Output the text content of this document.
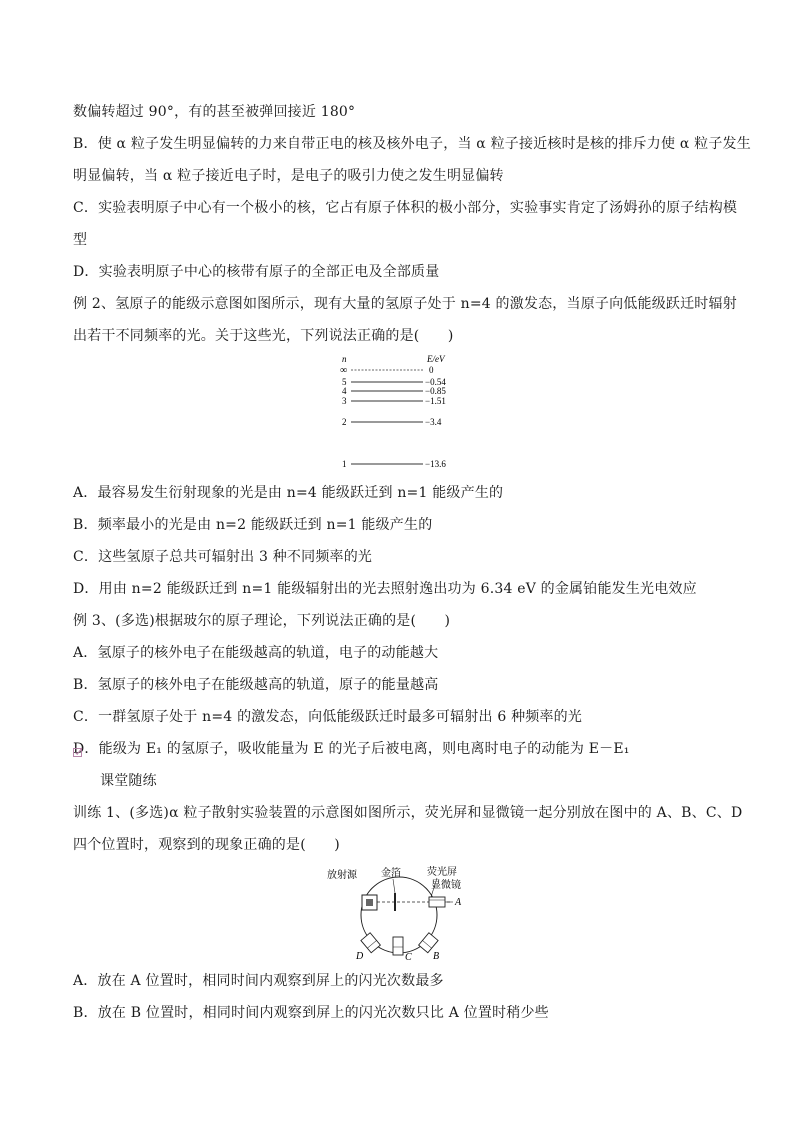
数偏转超过 90°，有的甚至被弹回接近 180°
B．使 α 粒子发生明显偏转的力来自带正电的核及核外电子，当 α 粒子接近核时是核的排斥力使 α 粒子发生
明显偏转，当 α 粒子接近电子时，是电子的吸引力使之发生明显偏转
C．实验表明原子中心有一个极小的核，它占有原子体积的极小部分，实验事实肯定了汤姆孙的原子结构模
型
D．实验表明原子中心的核带有原子的全部正电及全部质量
例 2、氢原子的能级示意图如图所示，现有大量的氢原子处于 n=4 的激发态，当原子向低能级跃迁时辐射
出若干不同频率的光。关于这些光，下列说法正确的是(　　)
n	E/eV
∞	0
5	−0.54
4	−0.85
3	−1.51
2	−3.4
1	−13.6
A．最容易发生衍射现象的光是由 n=4 能级跃迁到 n=1 能级产生的
B．频率最小的光是由 n=2 能级跃迁到 n=1 能级产生的
C．这些氢原子总共可辐射出 3 种不同频率的光
D．用由 n=2 能级跃迁到 n=1 能级辐射出的光去照射逸出功为 6.34 eV 的金属铂能发生光电效应
例 3、(多选)根据玻尔的原子理论，下列说法正确的是(　　)
A．氢原子的核外电子在能级越高的轨道，电子的动能越大
B．氢原子的核外电子在能级越高的轨道，原子的能量越高
C．一群氢原子处于 n=4 的激发态，向低能级跃迁时最多可辐射出 6 种频率的光
D．能级为 E₁ 的氢原子，吸收能量为 E 的光子后被电离，则电离时电子的动能为 E－E₁
课堂随练
训练 1、(多选)α 粒子散射实验装置的示意图如图所示，荧光屏和显微镜一起分别放在图中的 A、B、C、D
四个位置时，观察到的现象正确的是(　　)
放射源 金箔	荧光屏
显微镜
A
B
C
D
A．放在 A 位置时，相同时间内观察到屏上的闪光次数最多
B．放在 B 位置时，相同时间内观察到屏上的闪光次数只比 A 位置时稍少些
